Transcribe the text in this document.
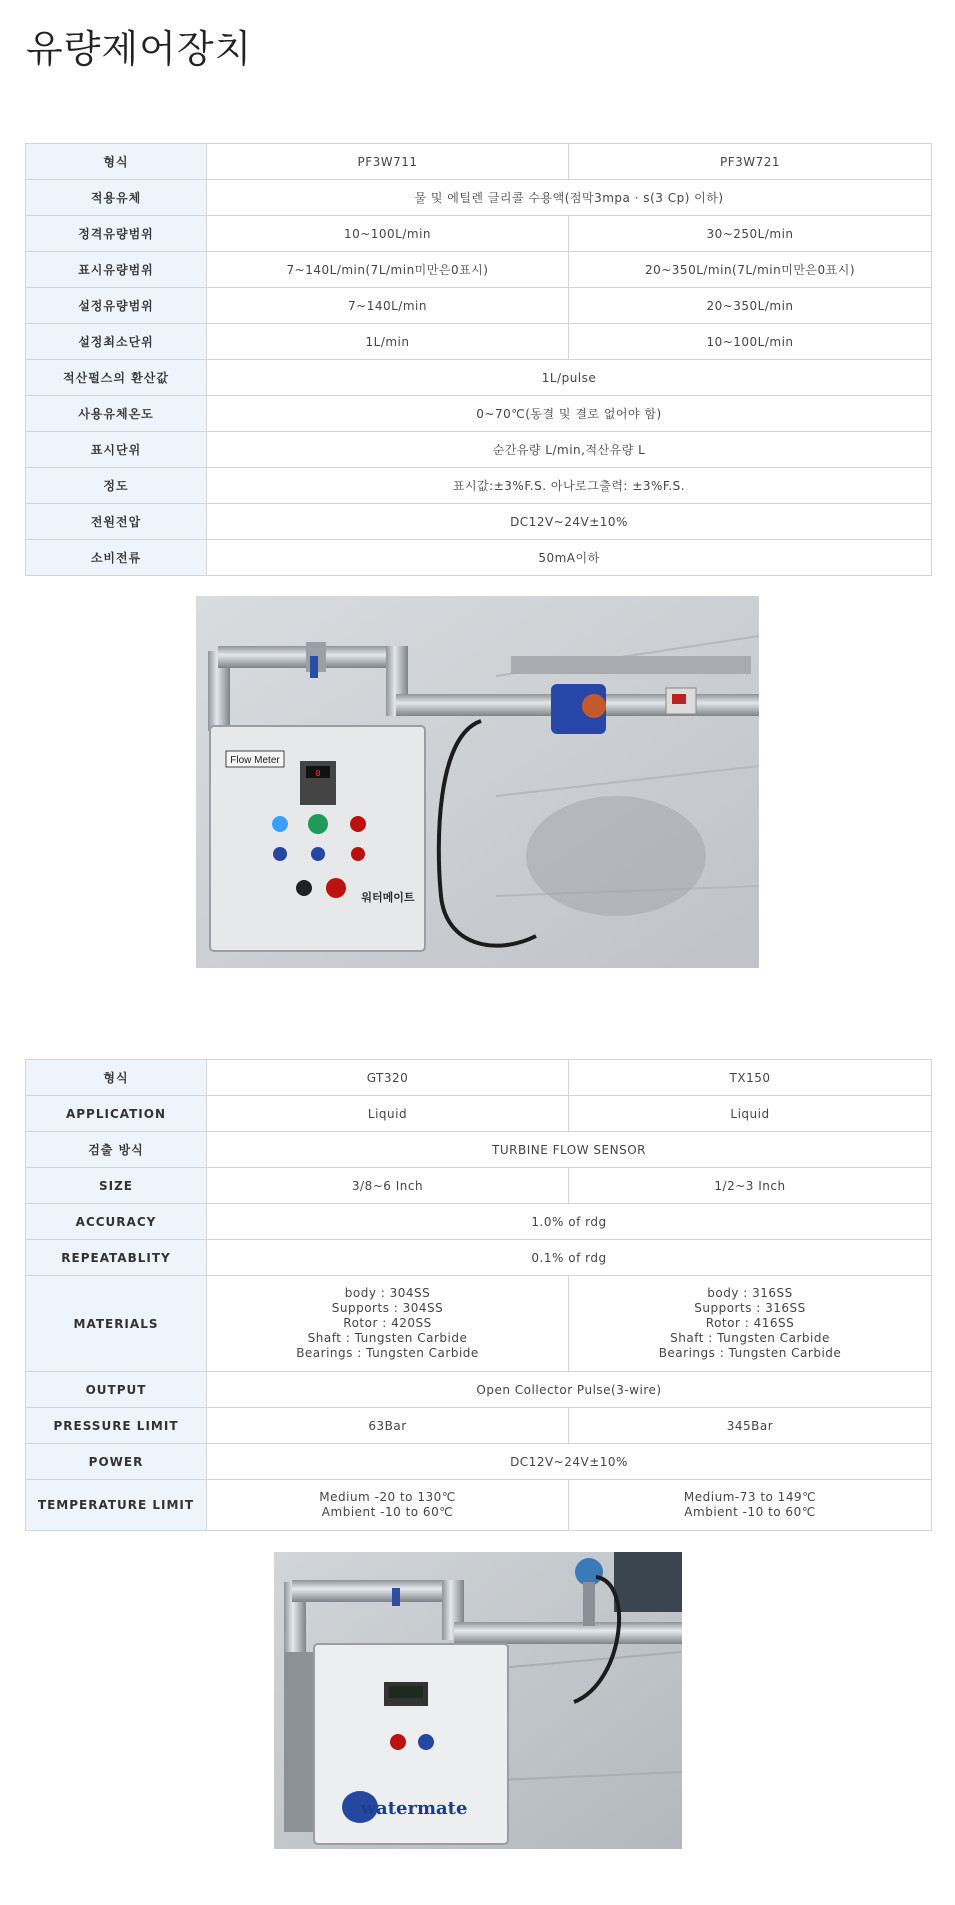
유량제어장치
형식	PF3W711	PF3W721
적용유체	물 및 에틸렌 글리콜 수용액(점막3mpa · s(3 Cp) 이하)	
정격유량범위	10~100L/min	30~250L/min
표시유량범위	7~140L/min(7L/min미만은0표시)	20~350L/min(7L/min미만은0표시)
설정유량범위	7~140L/min	20~350L/min
설정최소단위	1L/min	10~100L/min
적산펄스의 환산값	1L/pulse	
사용유체온도	0~70℃(동결 및 결로 없어야 함)	
표시단위	순간유량 L/min,적산유량 L	
정도	표시값:±3%F.S. 아나로그출력: ±3%F.S.	
전원전압	DC12V~24V±10%	
소비전류	50mA이하	
Flow Meter
0
워터메이트
형식	GT320	TX150
APPLICATION	Liquid	Liquid
검출 방식	TURBINE FLOW SENSOR	
SIZE	3/8~6 Inch	1/2~3 Inch
ACCURACY	1.0% of rdg	
REPEATABLITY	0.1% of rdg	
MATERIALS	body : 304SS
Supports : 304SS
Rotor : 420SS
Shaft : Tungsten Carbide
Bearings : Tungsten Carbide	body : 316SS
Supports : 316SS
Rotor : 416SS
Shaft : Tungsten Carbide
Bearings : Tungsten Carbide
OUTPUT	Open Collector Pulse(3-wire)	
PRESSURE LIMIT	63Bar	345Bar
POWER	DC12V~24V±10%	
TEMPERATURE LIMIT	Medium -20 to 130℃
Ambient -10 to 60℃	Medium-73 to 149℃
Ambient -10 to 60℃
watermate
